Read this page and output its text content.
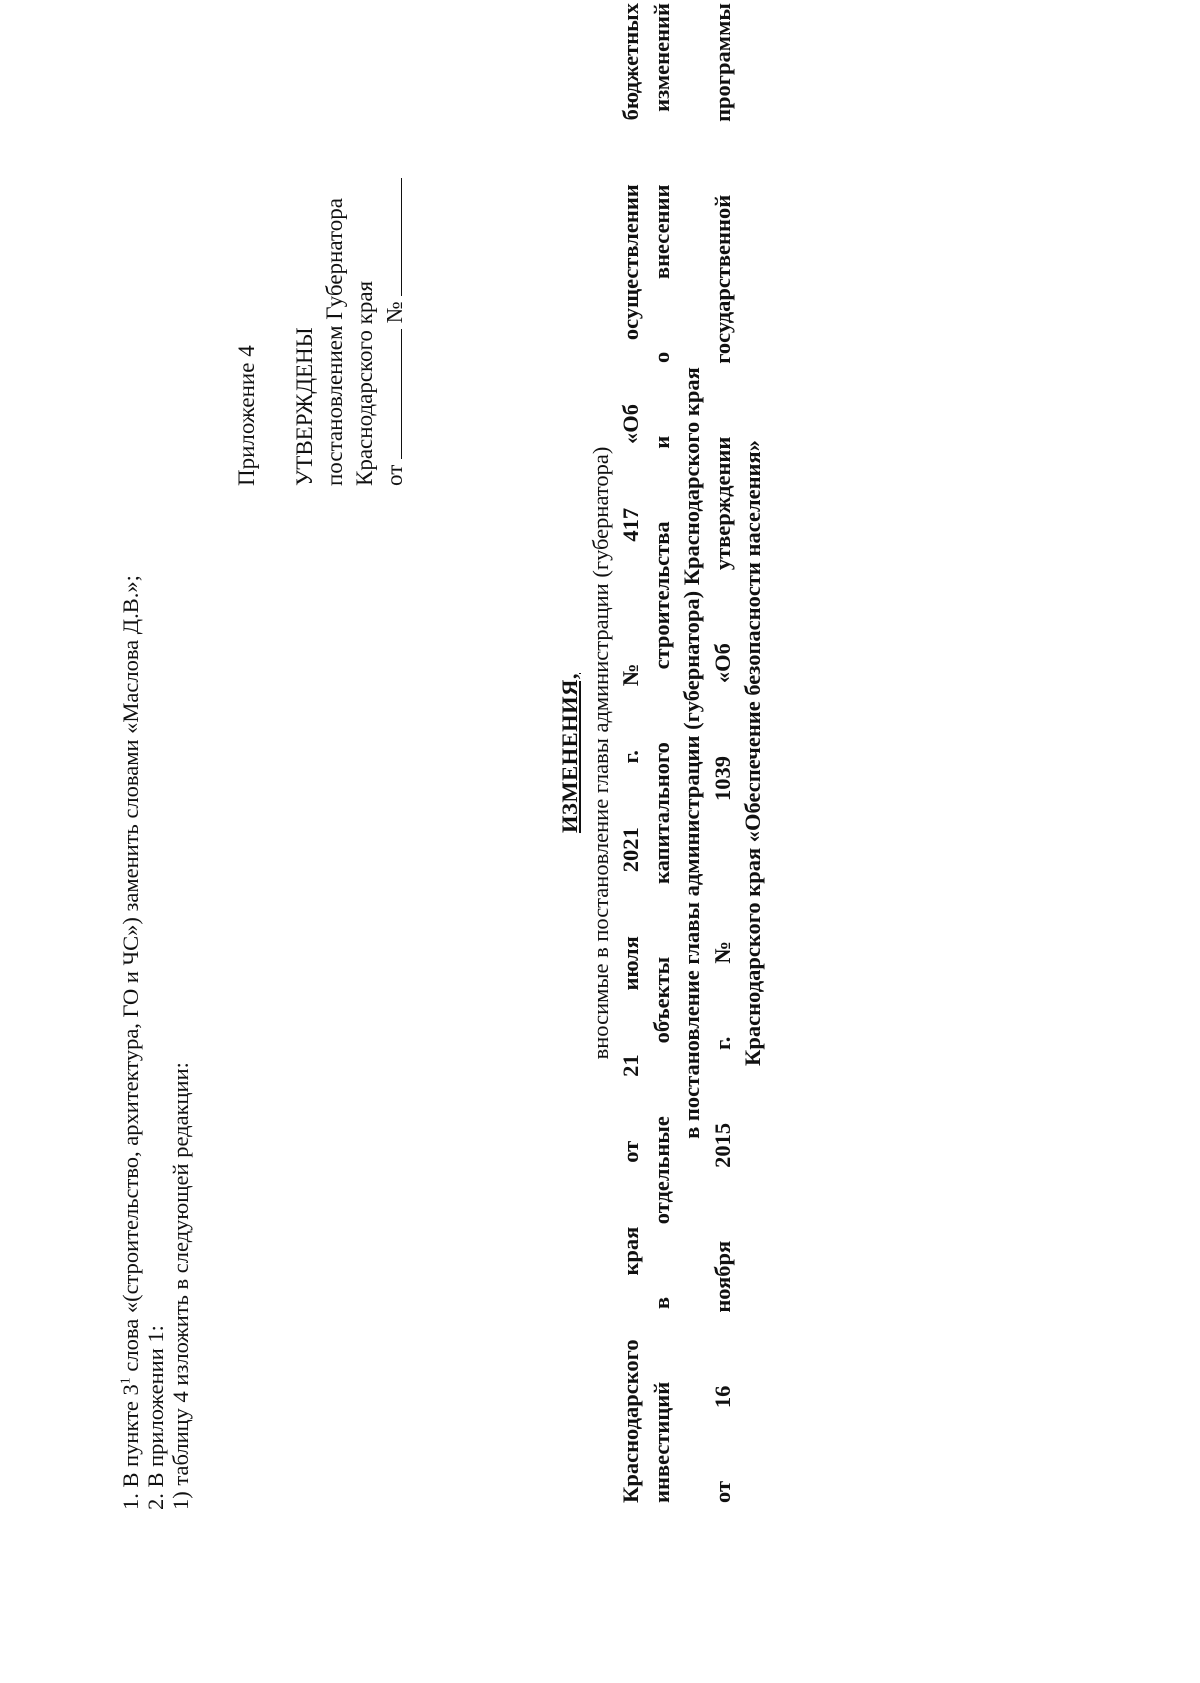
Приложение 4 УТВЕРЖДЕНЫ постановлением Губернатора Краснодарского края от  №
ИЗМЕНЕНИЯ, вносимые в постановление главы администрации (губернатора) Краснодарского края от 21 июля 2021 г. № 417 «Об осуществлении бюджетных инвестиций в отдельные объекты капитального строительства и о внесении изменений в постановление главы администрации (губернатора) Краснодарского края от 16 ноября 2015 г. № 1039 «Об утверждении государственной программы Краснодарского края «Обеспечение безопасности населения»
1. В пункте $3^1$ слова «(строительство, архитектура, ГО и ЧС») заменить словами «Маслова Д.В.»;
2. В приложении 1: 1) таблицу 4 изложить в следующей редакции:
